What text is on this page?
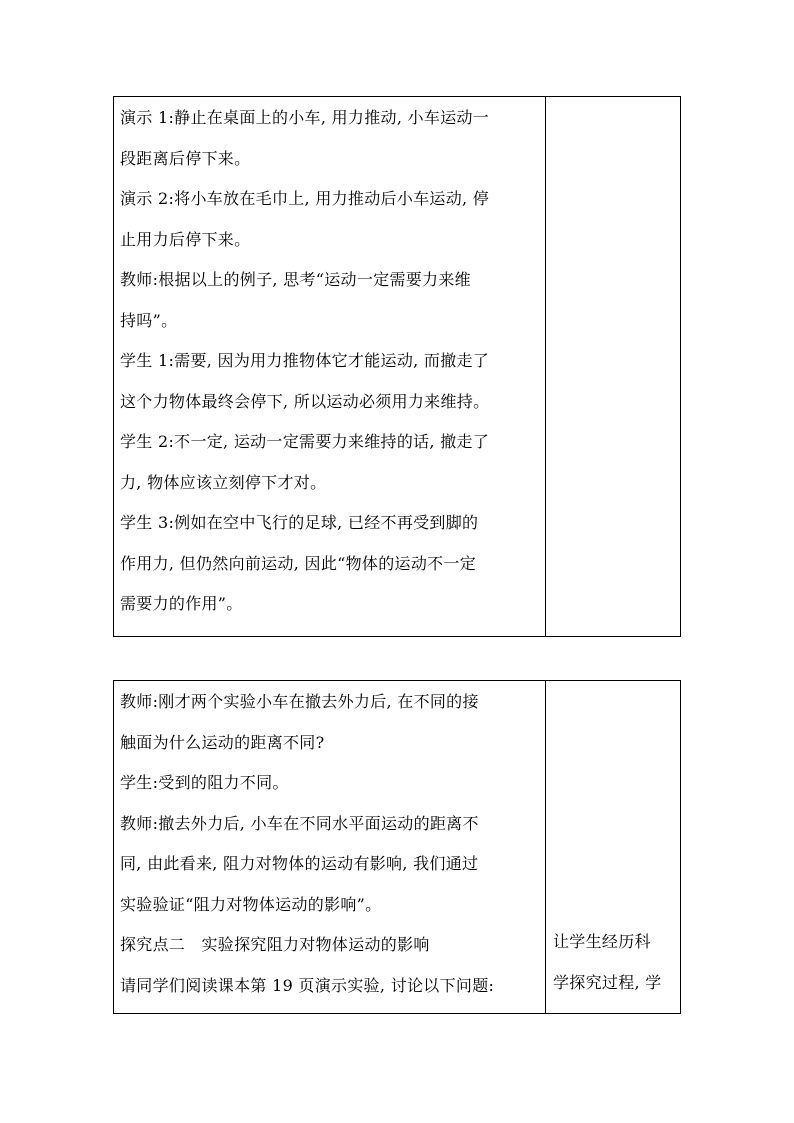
演示 1:静止在桌面上的小车, 用力推动, 小车运动一
段距离后停下来。
演示 2:将小车放在毛巾上, 用力推动后小车运动, 停
止用力后停下来。
教师:根据以上的例子, 思考“运动一定需要力来维
持吗”。
学生 1:需要, 因为用力推物体它才能运动, 而撤走了
这个力物体最终会停下, 所以运动必须用力来维持。
学生 2:不一定, 运动一定需要力来维持的话, 撤走了
力, 物体应该立刻停下才对。
学生 3:例如在空中飞行的足球, 已经不再受到脚的
作用力, 但仍然向前运动, 因此“物体的运动不一定
需要力的作用”。
教师:刚才两个实验小车在撤去外力后, 在不同的接
触面为什么运动的距离不同?
学生:受到的阻力不同。
教师:撤去外力后, 小车在不同水平面运动的距离不
同, 由此看来, 阻力对物体的运动有影响, 我们通过
实验验证“阻力对物体运动的影响”。
探究点二　实验探究阻力对物体运动的影响
请同学们阅读课本第 19 页演示实验, 讨论以下问题:
让学生经历科
学探究过程, 学
